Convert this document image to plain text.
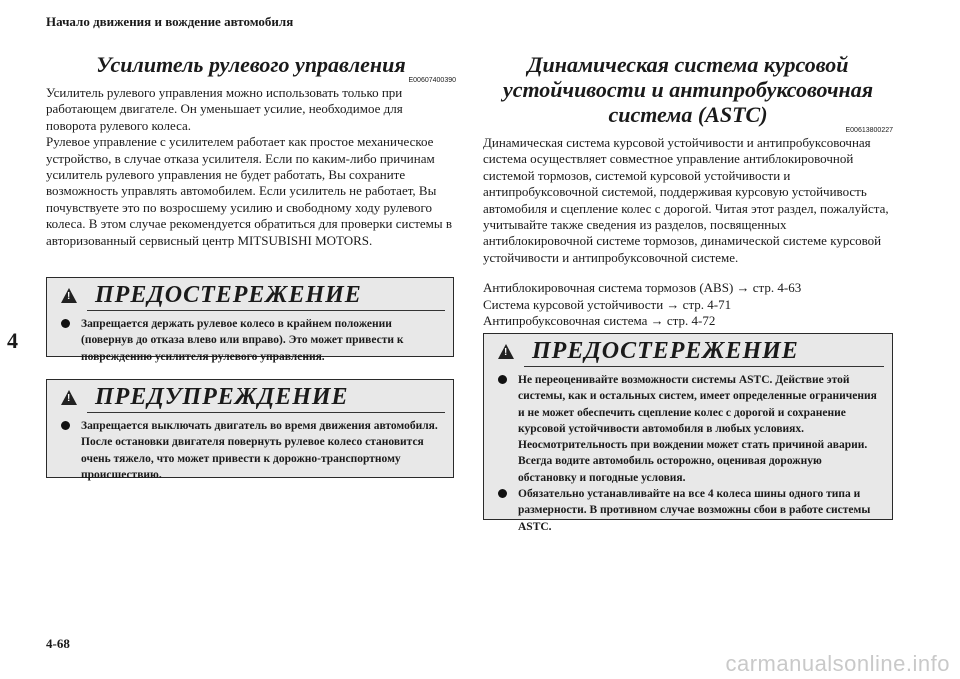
Начало движения и вождение автомобиля
4
4-68
carmanualsonline.info
Усилитель рулевого управления
E00607400390

Усилитель рулевого управления можно использовать только при работающем двигателе. Он уменьшает усилие, необходимое для поворота рулевого колеса.

Рулевое управление с усилителем работает как простое механическое устройство, в случае отказа усилителя. Если по каким-либо причинам усилитель рулевого управления не будет работать, Вы сохраните возможность управлять автомобилем. Если усилитель не работает, Вы почувствуете это по возросшему усилию и свободному ходу рулевого колеса. В этом случае рекомендуется обратиться для проверки системы в авторизованный сервисный центр MITSUBISHI MOTORS.

! ПРЕДОСТЕРЕЖЕНИЕ
Запрещается держать рулевое колесо в крайнем положении (повернув до отказа влево или вправо). Это может привести к повреждению усилителя рулевого управления.
! ПРЕДУПРЕЖДЕНИЕ
Запрещается выключать двигатель во время движения автомобиля. После остановки двигателя повернуть рулевое колесо становится очень тяжело, что может привести к дорожно-транспортному происшествию.
Динамическая система курсовой устойчивости и антипробуксовочная система (ASTC)
E00613800227

Динамическая система курсовой устойчивости и антипробуксовочная система осуществляет совместное управление антиблокировочной системой тормозов, системой курсовой устойчивости и антипробуксовочной системой, поддерживая курсовую устойчивость автомобиля и сцепление колес с дорогой. Читая этот раздел, пожалуйста, учитывайте также сведения из разделов, посвященных антиблокировочной системе тормозов, динамической системе курсовой устойчивости и антипробуксовочной системе.

Антиблокировочная система тормозов (ABS) → стр. 4-63

Система курсовой устойчивости → стр. 4-71

Антипробуксовочная система → стр. 4-72

! ПРЕДОСТЕРЕЖЕНИЕ
Не переоценивайте возможности системы ASTC. Действие этой системы, как и остальных систем, имеет определенные ограничения и не может обеспечить сцепление колес с дорогой и сохранение курсовой устойчивости автомобиля в любых условиях. Неосмотрительность при вождении может стать причиной аварии. Всегда водите автомобиль осторожно, оценивая дорожную обстановку и погодные условия.
Обязательно устанавливайте на все 4 колеса шины одного типа и размерности. В противном случае возможны сбои в работе системы ASTC.
